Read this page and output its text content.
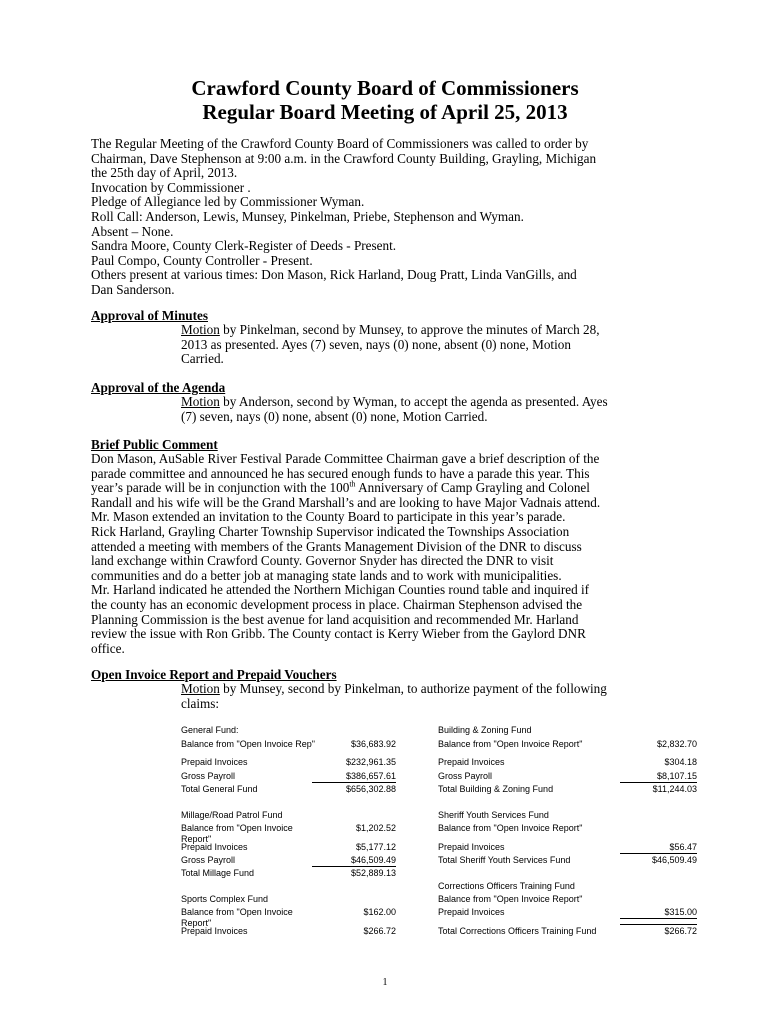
Crawford County Board of Commissioners
Regular Board Meeting of April 25, 2013
The Regular Meeting of the Crawford County Board of Commissioners was called to order by
Chairman, Dave Stephenson at 9:00 a.m. in the Crawford County Building, Grayling, Michigan
the 25th day of April, 2013.
Invocation by Commissioner .
Pledge of Allegiance led by Commissioner Wyman.
Roll Call: Anderson, Lewis, Munsey, Pinkelman, Priebe, Stephenson and Wyman.
Absent – None.
Sandra Moore, County Clerk-Register of Deeds - Present.
Paul Compo, County Controller - Present.
Others present at various times: Don Mason, Rick Harland, Doug Pratt, Linda VanGills, and
Dan Sanderson.
Approval of Minutes
Motion by Pinkelman, second by Munsey, to approve the minutes of March 28,
2013 as presented. Ayes (7) seven, nays (0) none, absent (0) none, Motion
Carried.
Approval of the Agenda
Motion by Anderson, second by Wyman, to accept the agenda as presented. Ayes
(7) seven, nays (0) none, absent (0) none, Motion Carried.
Brief Public Comment
Don Mason, AuSable River Festival Parade Committee Chairman gave a brief description of the
parade committee and announced he has secured enough funds to have a parade this year. This
year’s parade will be in conjunction with the 100th Anniversary of Camp Grayling and Colonel
Randall and his wife will be the Grand Marshall’s and are looking to have Major Vadnais attend.
Mr. Mason extended an invitation to the County Board to participate in this year’s parade.
Rick Harland, Grayling Charter Township Supervisor indicated the Townships Association
attended a meeting with members of the Grants Management Division of the DNR to discuss
land exchange within Crawford County. Governor Snyder has directed the DNR to visit
communities and do a better job at managing state lands and to work with municipalities.
Mr. Harland indicated he attended the Northern Michigan Counties round table and inquired if
the county has an economic development process in place. Chairman Stephenson advised the
Planning Commission is the best avenue for land acquisition and recommended Mr. Harland
review the issue with Ron Gribb. The County contact is Kerry Wieber from the Gaylord DNR
office.
Open Invoice Report and Prepaid Vouchers
Motion by Munsey, second by Pinkelman, to authorize payment of the following
claims:
General Fund:
Balance from "Open Invoice Rep"	$36,683.92
Prepaid Invoices	$232,961.35
Gross Payroll	$386,657.61
Total General Fund	$656,302.88
Building & Zoning Fund
Balance from "Open Invoice Report"	$2,832.70
Prepaid Invoices	$304.18
Gross Payroll	$8,107.15
Total Building & Zoning Fund	$11,244.03
Millage/Road Patrol Fund
Balance from "Open Invoice Report"
$1,202.52
Prepaid Invoices	$5,177.12
Gross Payroll	$46,509.49
Total Millage Fund	$52,889.13
Sheriff Youth Services Fund
Balance from "Open Invoice Report"
Prepaid Invoices	$56.47
Total Sheriff Youth Services Fund	$46,509.49
Corrections Officers Training Fund
Balance from "Open Invoice Report"
Prepaid Invoices	$315.00
Total Corrections Officers Training Fund	$266.72
Sports Complex Fund
Balance from "Open Invoice Report"
$162.00
Prepaid Invoices	$266.72
1
